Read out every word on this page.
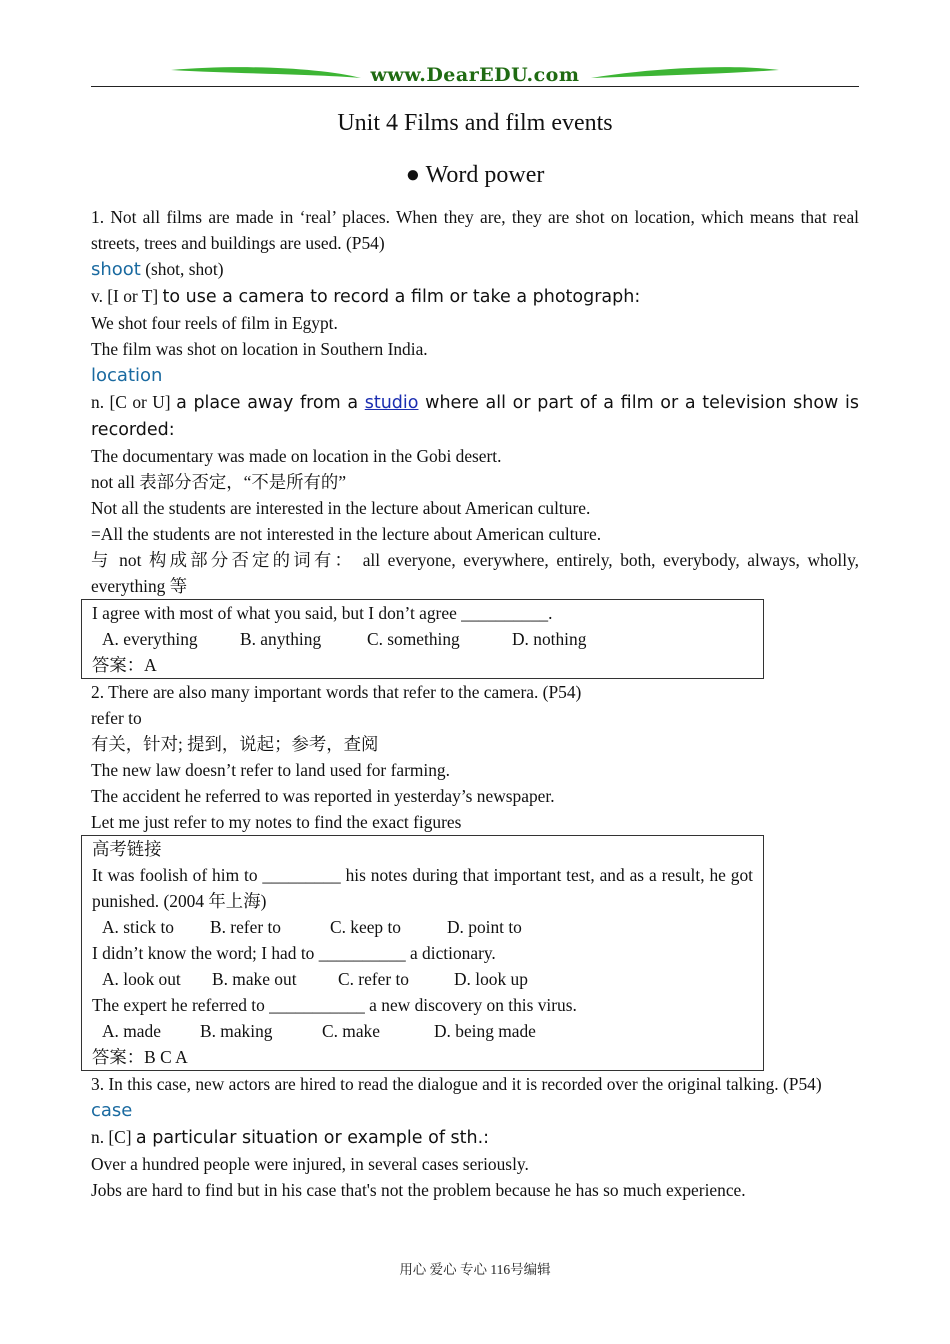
www.DearEDU.com
Unit 4 Films and film events
● Word power

1. Not all films are made in ‘real’ places. When they are, they are shot on location, which means that real streets, trees and buildings are used. (P54)

shoot (shot, shot)

v. [I or T] to use a camera to record a film or take a photograph:

We shot four reels of film in Egypt.

The film was shot on location in Southern India.

location

n. [C or U] a place away from a studio where all or part of a film or a television show is recorded:

The documentary was made on location in the Gobi desert.

not all 表部分否定，“不是所有的”

Not all the students are interested in the lecture about American culture.

=All the students are not interested in the lecture about American culture.

与 not 构成部分否定的词有： all everyone, everywhere, entirely, both, everybody, always, wholly, everything 等

I agree with most of what you said, but I don’t agree __________.

A. everything B. anything	C. something	D. nothing

答案：A

2. There are also many important words that refer to the camera. (P54)

refer to

有关，针对; 提到，说起；参考，查阅

The new law doesn’t refer to land used for farming.

The accident he referred to was reported in yesterday’s newspaper.

Let me just refer to my notes to find the exact figures

高考链接

It was foolish of him to _________ his notes during that important test, and as a result, he got punished. (2004 年上海)

A. stick to B. refer to	C. keep to	D. point to

I didn’t know the word; I had to __________ a dictionary.

A. look out B. make out C. refer to	D. look up

The expert he referred to ___________ a new discovery on this virus.

A. made B. making	C. make	D. being made

答案：B C A

3. In this case, new actors are hired to read the dialogue and it is recorded over the original talking. (P54)

case

n. [C] a particular situation or example of sth.:

Over a hundred people were injured, in several cases seriously.

Jobs are hard to find but in his case that's not the problem because he has so much experience.

用心 爱心 专心 116号编辑
